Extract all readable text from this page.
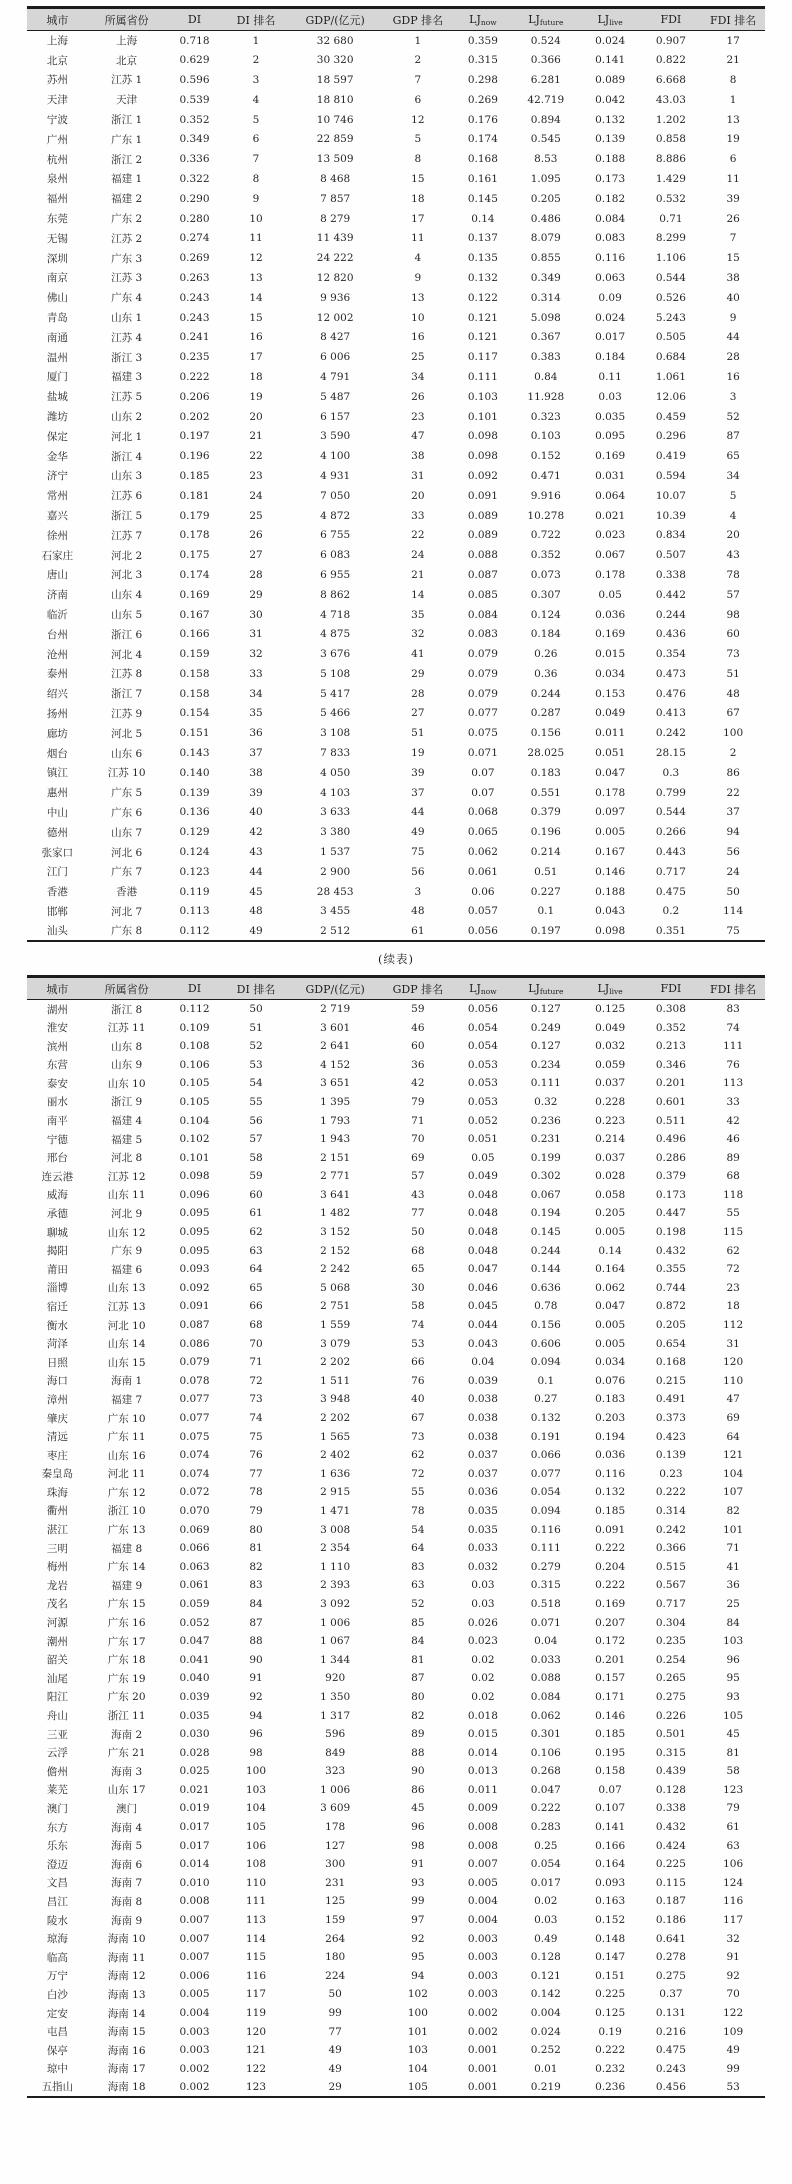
城市	所属省份	DI	DI 排名	GDP/(亿元)	GDP 排名	$LJ_{now}$	$LJ_{future}$	$LJ_{live}$	FDI	FDI 排名
上海	上海	0.718	1	32 680	1	0.359	0.524	0.024	0.907	17
北京	北京	0.629	2	30 320	2	0.315	0.366	0.141	0.822	21
苏州	江苏 1	0.596	3	18 597	7	0.298	6.281	0.089	6.668	8
天津	天津	0.539	4	18 810	6	0.269	42.719	0.042	43.03	1
宁波	浙江 1	0.352	5	10 746	12	0.176	0.894	0.132	1.202	13
广州	广东 1	0.349	6	22 859	5	0.174	0.545	0.139	0.858	19
杭州	浙江 2	0.336	7	13 509	8	0.168	8.53	0.188	8.886	6
泉州	福建 1	0.322	8	8 468	15	0.161	1.095	0.173	1.429	11
福州	福建 2	0.290	9	7 857	18	0.145	0.205	0.182	0.532	39
东莞	广东 2	0.280	10	8 279	17	0.14	0.486	0.084	0.71	26
无锡	江苏 2	0.274	11	11 439	11	0.137	8.079	0.083	8.299	7
深圳	广东 3	0.269	12	24 222	4	0.135	0.855	0.116	1.106	15
南京	江苏 3	0.263	13	12 820	9	0.132	0.349	0.063	0.544	38
佛山	广东 4	0.243	14	9 936	13	0.122	0.314	0.09	0.526	40
青岛	山东 1	0.243	15	12 002	10	0.121	5.098	0.024	5.243	9
南通	江苏 4	0.241	16	8 427	16	0.121	0.367	0.017	0.505	44
温州	浙江 3	0.235	17	6 006	25	0.117	0.383	0.184	0.684	28
厦门	福建 3	0.222	18	4 791	34	0.111	0.84	0.11	1.061	16
盐城	江苏 5	0.206	19	5 487	26	0.103	11.928	0.03	12.06	3
潍坊	山东 2	0.202	20	6 157	23	0.101	0.323	0.035	0.459	52
保定	河北 1	0.197	21	3 590	47	0.098	0.103	0.095	0.296	87
金华	浙江 4	0.196	22	4 100	38	0.098	0.152	0.169	0.419	65
济宁	山东 3	0.185	23	4 931	31	0.092	0.471	0.031	0.594	34
常州	江苏 6	0.181	24	7 050	20	0.091	9.916	0.064	10.07	5
嘉兴	浙江 5	0.179	25	4 872	33	0.089	10.278	0.021	10.39	4
徐州	江苏 7	0.178	26	6 755	22	0.089	0.722	0.023	0.834	20
石家庄	河北 2	0.175	27	6 083	24	0.088	0.352	0.067	0.507	43
唐山	河北 3	0.174	28	6 955	21	0.087	0.073	0.178	0.338	78
济南	山东 4	0.169	29	8 862	14	0.085	0.307	0.05	0.442	57
临沂	山东 5	0.167	30	4 718	35	0.084	0.124	0.036	0.244	98
台州	浙江 6	0.166	31	4 875	32	0.083	0.184	0.169	0.436	60
沧州	河北 4	0.159	32	3 676	41	0.079	0.26	0.015	0.354	73
泰州	江苏 8	0.158	33	5 108	29	0.079	0.36	0.034	0.473	51
绍兴	浙江 7	0.158	34	5 417	28	0.079	0.244	0.153	0.476	48
扬州	江苏 9	0.154	35	5 466	27	0.077	0.287	0.049	0.413	67
廊坊	河北 5	0.151	36	3 108	51	0.075	0.156	0.011	0.242	100
烟台	山东 6	0.143	37	7 833	19	0.071	28.025	0.051	28.15	2
镇江	江苏 10	0.140	38	4 050	39	0.07	0.183	0.047	0.3	86
惠州	广东 5	0.139	39	4 103	37	0.07	0.551	0.178	0.799	22
中山	广东 6	0.136	40	3 633	44	0.068	0.379	0.097	0.544	37
德州	山东 7	0.129	42	3 380	49	0.065	0.196	0.005	0.266	94
张家口	河北 6	0.124	43	1 537	75	0.062	0.214	0.167	0.443	56
江门	广东 7	0.123	44	2 900	56	0.061	0.51	0.146	0.717	24
香港	香港	0.119	45	28 453	3	0.06	0.227	0.188	0.475	50
邯郸	河北 7	0.113	48	3 455	48	0.057	0.1	0.043	0.2	114
汕头	广东 8	0.112	49	2 512	61	0.056	0.197	0.098	0.351	75
(续表)
城市	所属省份	DI	DI 排名	GDP/(亿元)	GDP 排名	$LJ_{now}$	$LJ_{future}$	$LJ_{live}$	FDI	FDI 排名
湖州	浙江 8	0.112	50	2 719	59	0.056	0.127	0.125	0.308	83
淮安	江苏 11	0.109	51	3 601	46	0.054	0.249	0.049	0.352	74
滨州	山东 8	0.108	52	2 641	60	0.054	0.127	0.032	0.213	111
东营	山东 9	0.106	53	4 152	36	0.053	0.234	0.059	0.346	76
泰安	山东 10	0.105	54	3 651	42	0.053	0.111	0.037	0.201	113
丽水	浙江 9	0.105	55	1 395	79	0.053	0.32	0.228	0.601	33
南平	福建 4	0.104	56	1 793	71	0.052	0.236	0.223	0.511	42
宁德	福建 5	0.102	57	1 943	70	0.051	0.231	0.214	0.496	46
邢台	河北 8	0.101	58	2 151	69	0.05	0.199	0.037	0.286	89
连云港	江苏 12	0.098	59	2 771	57	0.049	0.302	0.028	0.379	68
威海	山东 11	0.096	60	3 641	43	0.048	0.067	0.058	0.173	118
承德	河北 9	0.095	61	1 482	77	0.048	0.194	0.205	0.447	55
聊城	山东 12	0.095	62	3 152	50	0.048	0.145	0.005	0.198	115
揭阳	广东 9	0.095	63	2 152	68	0.048	0.244	0.14	0.432	62
莆田	福建 6	0.093	64	2 242	65	0.047	0.144	0.164	0.355	72
淄博	山东 13	0.092	65	5 068	30	0.046	0.636	0.062	0.744	23
宿迁	江苏 13	0.091	66	2 751	58	0.045	0.78	0.047	0.872	18
衡水	河北 10	0.087	68	1 559	74	0.044	0.156	0.005	0.205	112
菏泽	山东 14	0.086	70	3 079	53	0.043	0.606	0.005	0.654	31
日照	山东 15	0.079	71	2 202	66	0.04	0.094	0.034	0.168	120
海口	海南 1	0.078	72	1 511	76	0.039	0.1	0.076	0.215	110
漳州	福建 7	0.077	73	3 948	40	0.038	0.27	0.183	0.491	47
肇庆	广东 10	0.077	74	2 202	67	0.038	0.132	0.203	0.373	69
清远	广东 11	0.075	75	1 565	73	0.038	0.191	0.194	0.423	64
枣庄	山东 16	0.074	76	2 402	62	0.037	0.066	0.036	0.139	121
秦皇岛	河北 11	0.074	77	1 636	72	0.037	0.077	0.116	0.23	104
珠海	广东 12	0.072	78	2 915	55	0.036	0.054	0.132	0.222	107
衢州	浙江 10	0.070	79	1 471	78	0.035	0.094	0.185	0.314	82
湛江	广东 13	0.069	80	3 008	54	0.035	0.116	0.091	0.242	101
三明	福建 8	0.066	81	2 354	64	0.033	0.111	0.222	0.366	71
梅州	广东 14	0.063	82	1 110	83	0.032	0.279	0.204	0.515	41
龙岩	福建 9	0.061	83	2 393	63	0.03	0.315	0.222	0.567	36
茂名	广东 15	0.059	84	3 092	52	0.03	0.518	0.169	0.717	25
河源	广东 16	0.052	87	1 006	85	0.026	0.071	0.207	0.304	84
潮州	广东 17	0.047	88	1 067	84	0.023	0.04	0.172	0.235	103
韶关	广东 18	0.041	90	1 344	81	0.02	0.033	0.201	0.254	96
汕尾	广东 19	0.040	91	920	87	0.02	0.088	0.157	0.265	95
阳江	广东 20	0.039	92	1 350	80	0.02	0.084	0.171	0.275	93
舟山	浙江 11	0.035	94	1 317	82	0.018	0.062	0.146	0.226	105
三亚	海南 2	0.030	96	596	89	0.015	0.301	0.185	0.501	45
云浮	广东 21	0.028	98	849	88	0.014	0.106	0.195	0.315	81
儋州	海南 3	0.025	100	323	90	0.013	0.268	0.158	0.439	58
莱芜	山东 17	0.021	103	1 006	86	0.011	0.047	0.07	0.128	123
澳门	澳门	0.019	104	3 609	45	0.009	0.222	0.107	0.338	79
东方	海南 4	0.017	105	178	96	0.008	0.283	0.141	0.432	61
乐东	海南 5	0.017	106	127	98	0.008	0.25	0.166	0.424	63
澄迈	海南 6	0.014	108	300	91	0.007	0.054	0.164	0.225	106
文昌	海南 7	0.010	110	231	93	0.005	0.017	0.093	0.115	124
昌江	海南 8	0.008	111	125	99	0.004	0.02	0.163	0.187	116
陵水	海南 9	0.007	113	159	97	0.004	0.03	0.152	0.186	117
琼海	海南 10	0.007	114	264	92	0.003	0.49	0.148	0.641	32
临高	海南 11	0.007	115	180	95	0.003	0.128	0.147	0.278	91
万宁	海南 12	0.006	116	224	94	0.003	0.121	0.151	0.275	92
白沙	海南 13	0.005	117	50	102	0.003	0.142	0.225	0.37	70
定安	海南 14	0.004	119	99	100	0.002	0.004	0.125	0.131	122
屯昌	海南 15	0.003	120	77	101	0.002	0.024	0.19	0.216	109
保亭	海南 16	0.003	121	49	103	0.001	0.252	0.222	0.475	49
琼中	海南 17	0.002	122	49	104	0.001	0.01	0.232	0.243	99
五指山	海南 18	0.002	123	29	105	0.001	0.219	0.236	0.456	53
